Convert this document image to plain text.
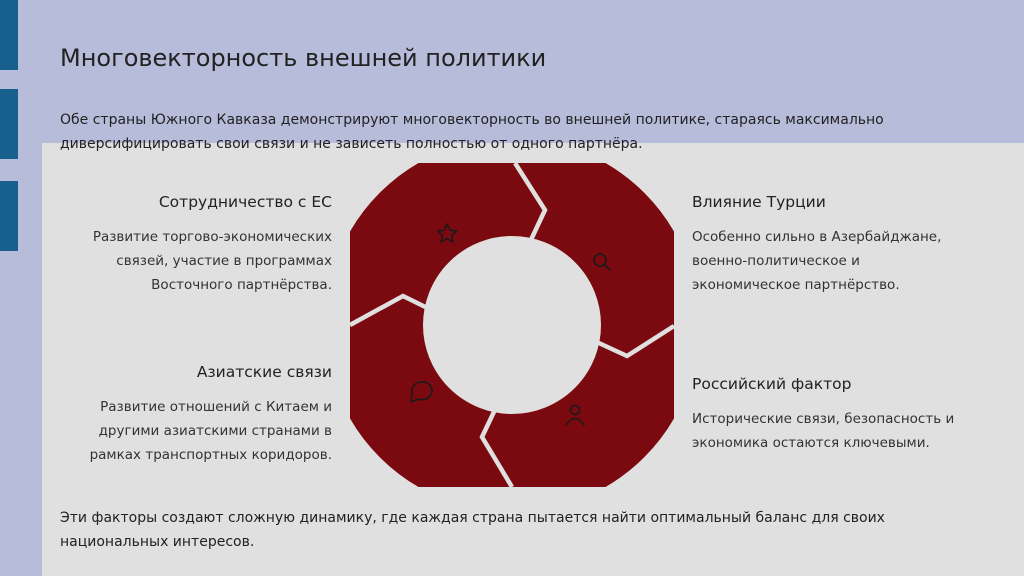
Многовекторность внешней политики
Обе страны Южного Кавказа демонстрируют многовекторность во внешней политике, стараясь максимально диверсифицировать свои связи и не зависеть полностью от одного партнёра.
Сотрудничество с ЕС
Развитие торгово-экономических связей, участие в программах Восточного партнёрства.
Влияние Турции
Особенно сильно в Азербайджане, военно-политическое и экономическое партнёрство.
Азиатские связи
Развитие отношений с Китаем и другими азиатскими странами в рамках транспортных коридоров.
Российский фактор
Исторические связи, безопасность и экономика остаются ключевыми.
Эти факторы создают сложную динамику, где каждая страна пытается найти оптимальный баланс для своих национальных интересов.
